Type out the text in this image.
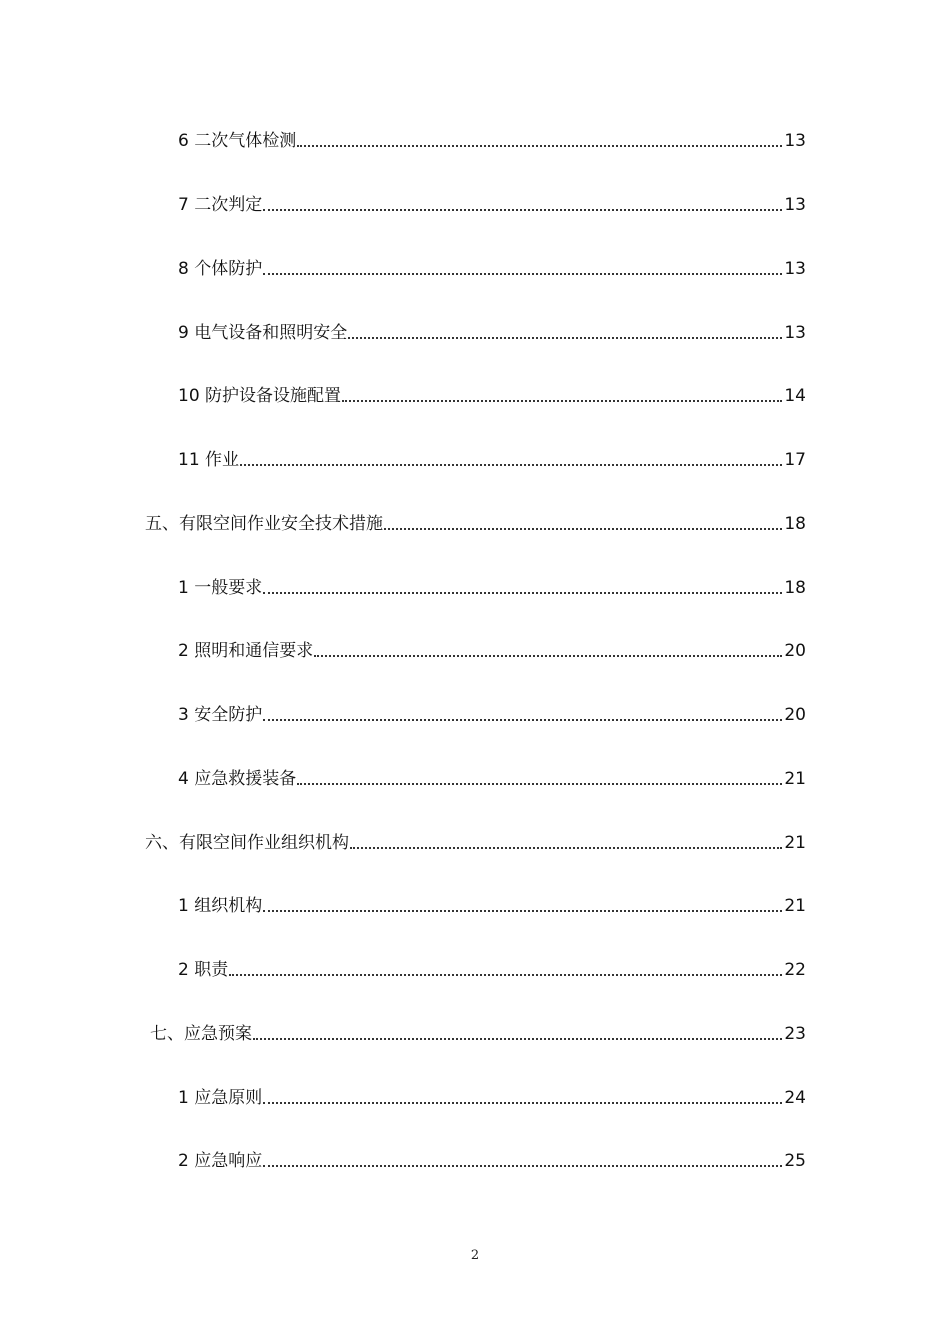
6 二次气体检测	13
7 二次判定	13
8 个体防护	13
9 电气设备和照明安全	13
10 防护设备设施配置	14
11 作业	17
五、有限空间作业安全技术措施	18
1 一般要求	18
2 照明和通信要求	20
3 安全防护	20
4 应急救援装备	21
六、有限空间作业组织机构	21
1 组织机构	21
2 职责	22
七、应急预案	23
1 应急原则	24
2 应急响应	25
2
